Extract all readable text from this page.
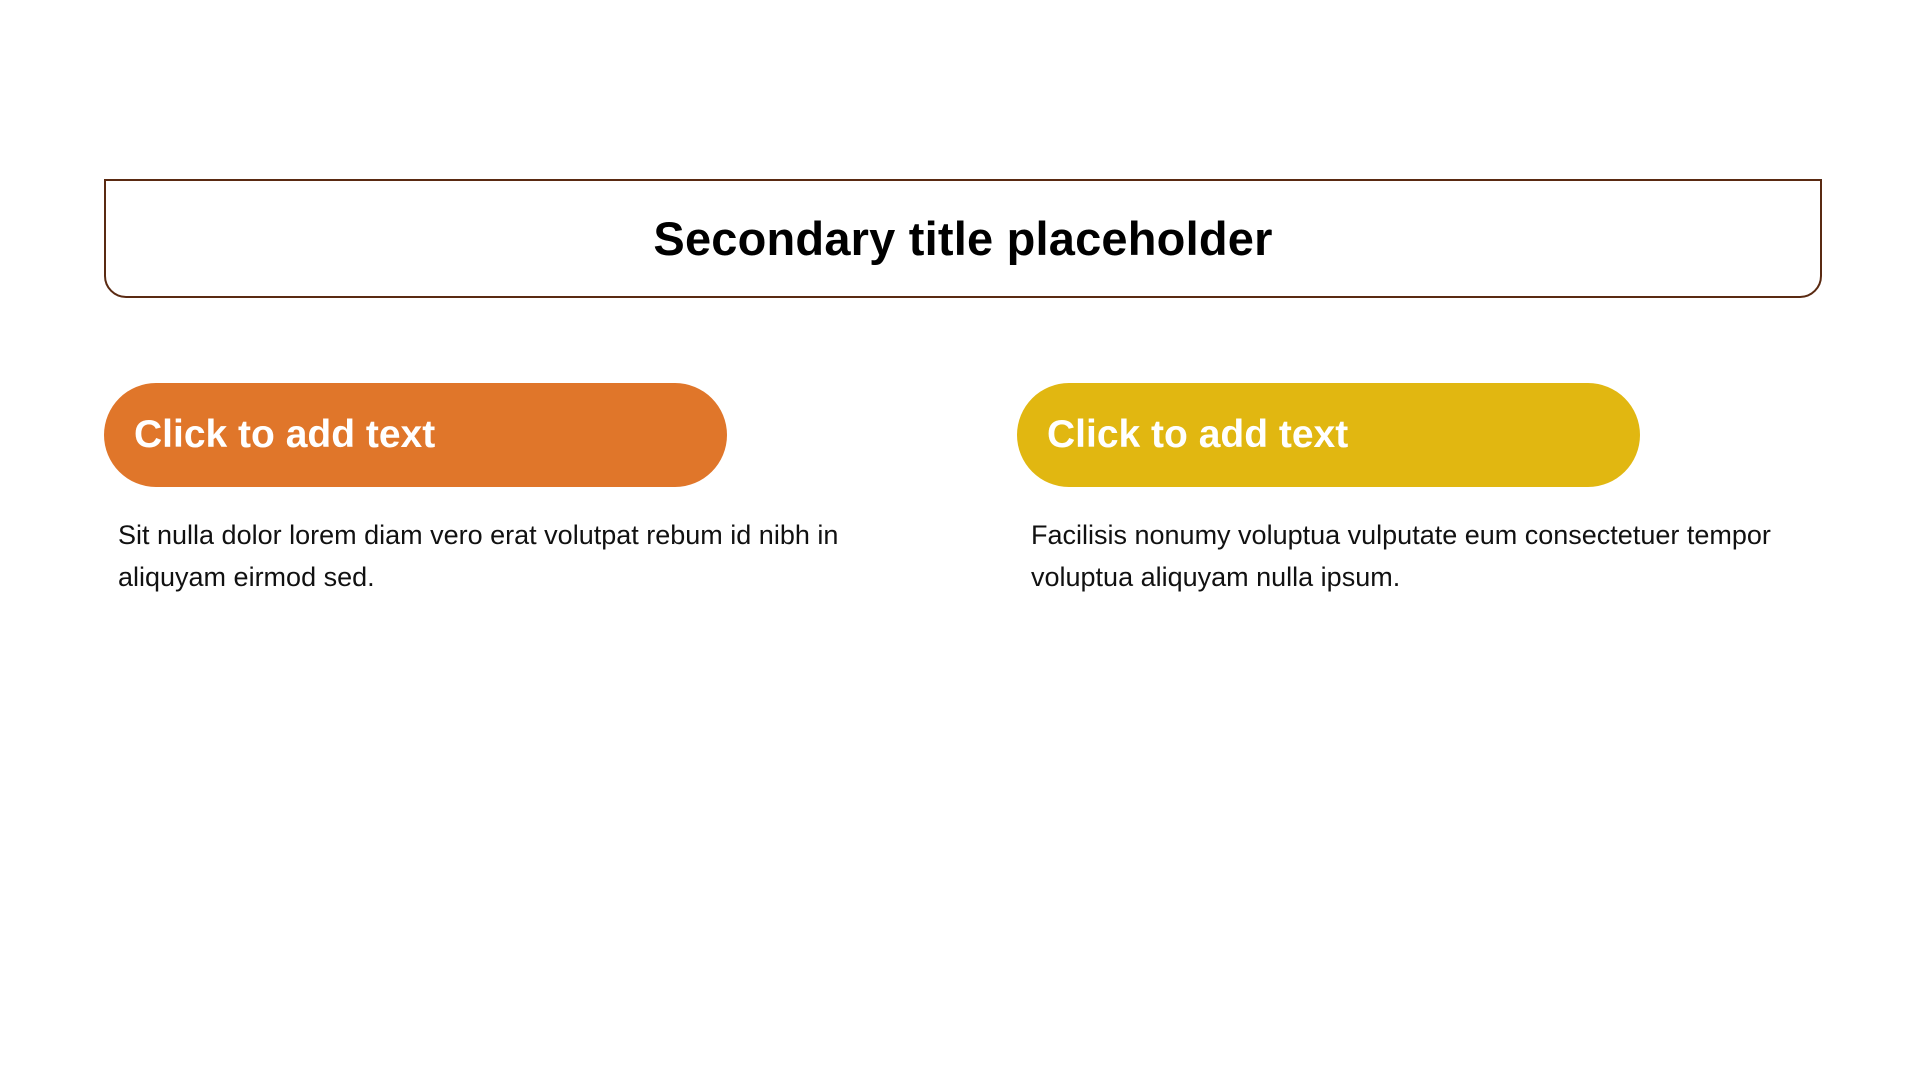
Secondary title placeholder
Click to add text	Click to add text
Sit nulla dolor lorem diam vero erat volutpat rebum id nibh in aliquyam eirmod sed.
Facilisis nonumy voluptua vulputate eum consectetuer tempor voluptua aliquyam nulla ipsum.
